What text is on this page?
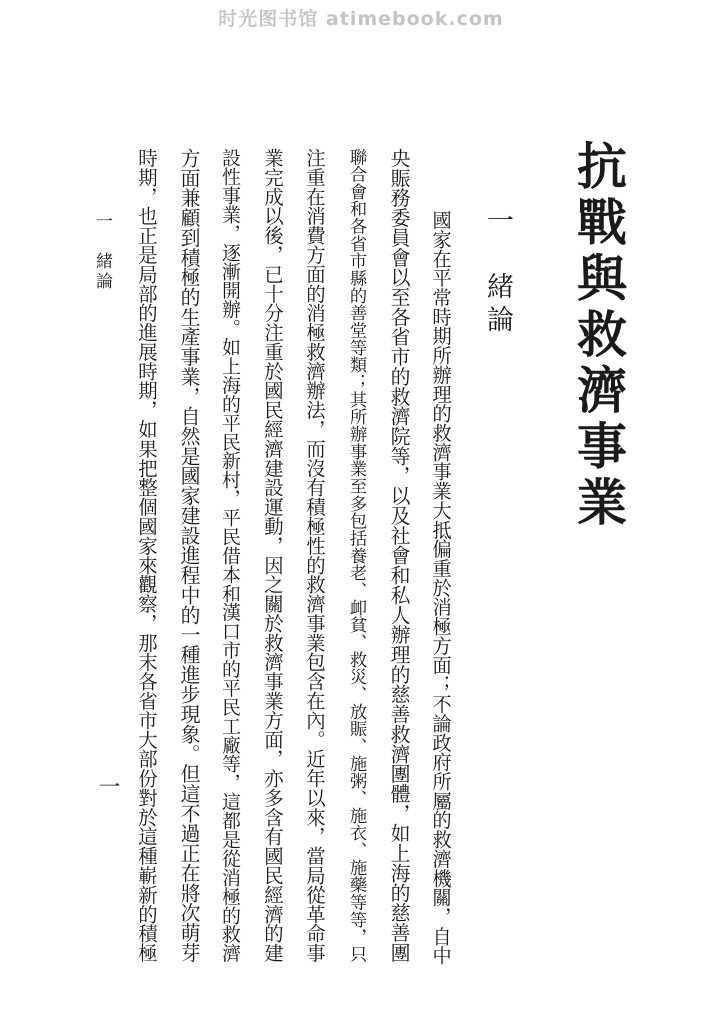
时光图书馆 atimebook.com
抗戰與救濟事業
一　緒論
國家在平常時期所辦理的救濟事業大抵偏重於消極方面；不論政府所屬的救濟機關，自中
央賑務委員會以至各省市的救濟院等，以及社會和私人辦理的慈善救濟團體，如上海的慈善團
聯合會和各省市縣的善堂等類；其所辦事業至多包括養老、卹貧、救災、放賑、施粥、施衣、施藥等等，只
注重在消費方面的消極救濟辦法，而沒有積極性的救濟事業包含在內。近年以來，當局從革命事
業完成以後，已十分注重於國民經濟建設運動，因之關於救濟事業方面，亦多含有國民經濟的建
設性事業，逐漸開辦。如上海的平民新村，平民借本和漢口市的平民工廠等，這都是從消極的救濟
方面兼顧到積極的生產事業，自然是國家建設進程中的一種進步現象。但這不過正在將次萌芽
時期，也正是局部的進展時期，如果把整個國家來觀察，那末各省市大部份對於這種嶄新的積極
一　緒論
一
